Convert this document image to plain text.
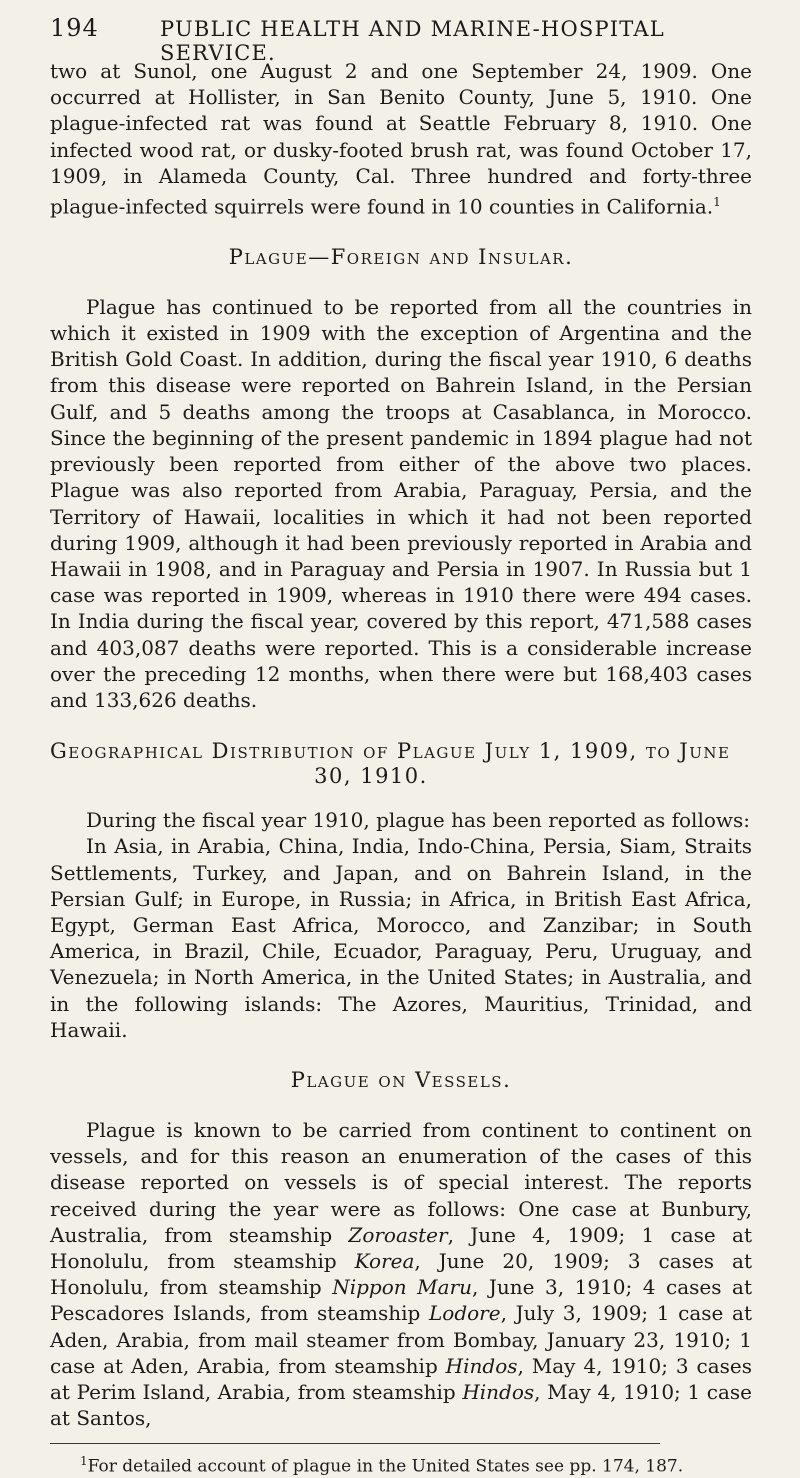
194	PUBLIC HEALTH AND MARINE-HOSPITAL SERVICE.

two at Sunol, one August 2 and one September 24, 1909. One occurred at Hollister, in San Benito County, June 5, 1910. One plague-infected rat was found at Seattle February 8, 1910. One infected wood rat, or dusky-footed brush rat, was found October 17, 1909, in Alameda County, Cal. Three hundred and forty-three plague-infected squirrels were found in 10 counties in California.$^1$

Plague—Foreign and Insular.

Plague has continued to be reported from all the countries in which it existed in 1909 with the exception of Argentina and the British Gold Coast. In addition, during the fiscal year 1910, 6 deaths from this disease were reported on Bahrein Island, in the Persian Gulf, and 5 deaths among the troops at Casablanca, in Morocco. Since the beginning of the present pandemic in 1894 plague had not previously been reported from either of the above two places. Plague was also reported from Arabia, Paraguay, Persia, and the Territory of Hawaii, localities in which it had not been reported during 1909, although it had been previously reported in Arabia and Hawaii in 1908, and in Paraguay and Persia in 1907. In Russia but 1 case was reported in 1909, whereas in 1910 there were 494 cases. In India during the fiscal year, covered by this report, 471,588 cases and 403,087 deaths were reported. This is a considerable increase over the preceding 12 months, when there were but 168,403 cases and 133,626 deaths.

Geographical Distribution of Plague July 1, 1909, to June
30, 1910.

During the fiscal year 1910, plague has been reported as follows:

In Asia, in Arabia, China, India, Indo-China, Persia, Siam, Straits Settlements, Turkey, and Japan, and on Bahrein Island, in the Persian Gulf; in Europe, in Russia; in Africa, in British East Africa, Egypt, German East Africa, Morocco, and Zanzibar; in South America, in Brazil, Chile, Ecuador, Paraguay, Peru, Uruguay, and Venezuela; in North America, in the United States; in Australia, and in the following islands: The Azores, Mauritius, Trinidad, and Hawaii.

Plague on Vessels.

Plague is known to be carried from continent to continent on vessels, and for this reason an enumeration of the cases of this disease reported on vessels is of special interest. The reports received during the year were as follows: One case at Bunbury, Australia, from steamship Zoroaster, June 4, 1909; 1 case at Honolulu, from steamship Korea, June 20, 1909; 3 cases at Honolulu, from steamship Nippon Maru, June 3, 1910; 4 cases at Pescadores Islands, from steamship Lodore, July 3, 1909; 1 case at Aden, Arabia, from mail steamer from Bombay, January 23, 1910; 1 case at Aden, Arabia, from steamship Hindos, May 4, 1910; 3 cases at Perim Island, Arabia, from steamship Hindos, May 4, 1910; 1 case at Santos,

$^1$For detailed account of plague in the United States see pp. 174, 187.
